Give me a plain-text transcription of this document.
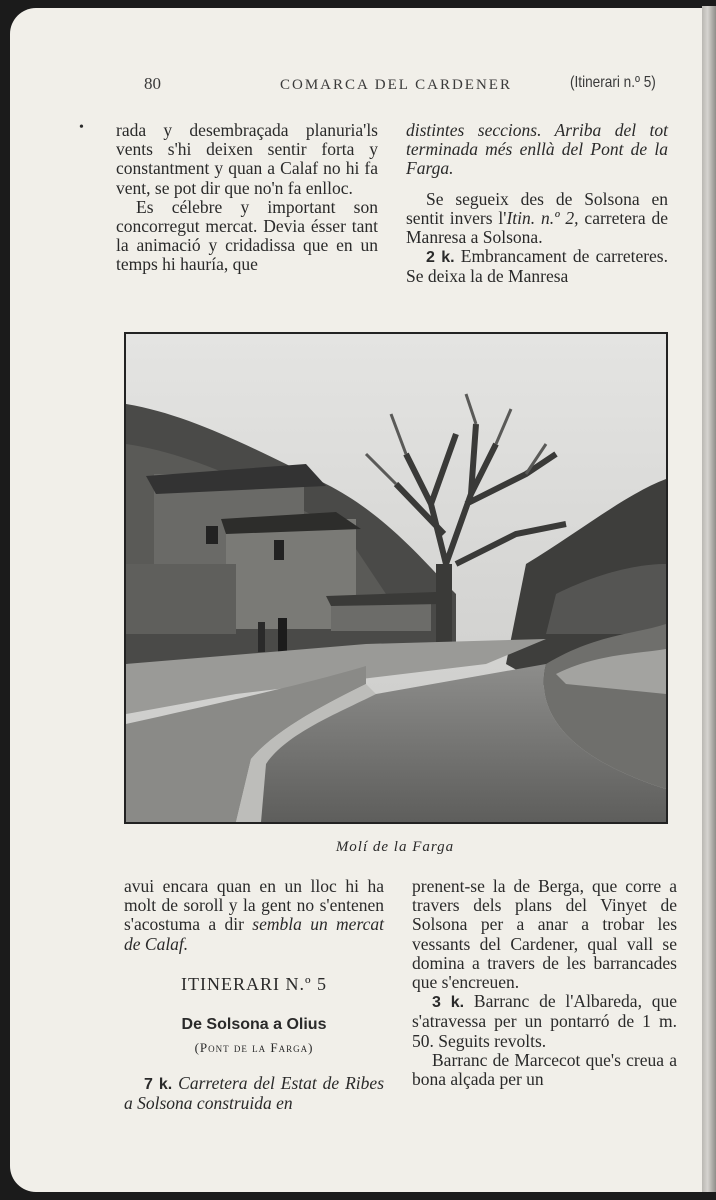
80	COMARCA DEL CARDENER	(Itinerari n.º 5)
• rada y desembraçada planuria'ls vents s'hi deixen sentir forta y constantment y quan a Calaf no hi fa vent, se pot dir que no'n fa enlloc.

Es célebre y important son concorregut mercat. Devia ésser tant la animació y cridadissa que en un temps hi hauría, que

distintes seccions. Arriba del tot terminada més enllà del Pont de la Farga.

Se segueix des de Solsona en sentit invers l'Itin. n.º 2, carretera de Manresa a Solsona.

2 k. Embrancament de carreteres. Se deixa la de Manresa

Molí de la Farga

avui encara quan en un lloc hi ha molt de soroll y la gent no s'entenen s'acostuma a dir sembla un mercat de Calaf.

ITINERARI N.º 5
De Solsona a Olius
(Pont de la Farga)

7 k. Carretera del Estat de Ribes a Solsona construida en

prenent-se la de Berga, que corre a travers dels plans del Vinyet de Solsona per a anar a trobar les vessants del Cardener, qual vall se domina a travers de les barrancades que s'encreuen.

3 k. Barranc de l'Albareda, que s'atravessa per un pontarró de 1 m. 50. Seguits revolts.

Barranc de Marcecot que's creua a bona alçada per un
